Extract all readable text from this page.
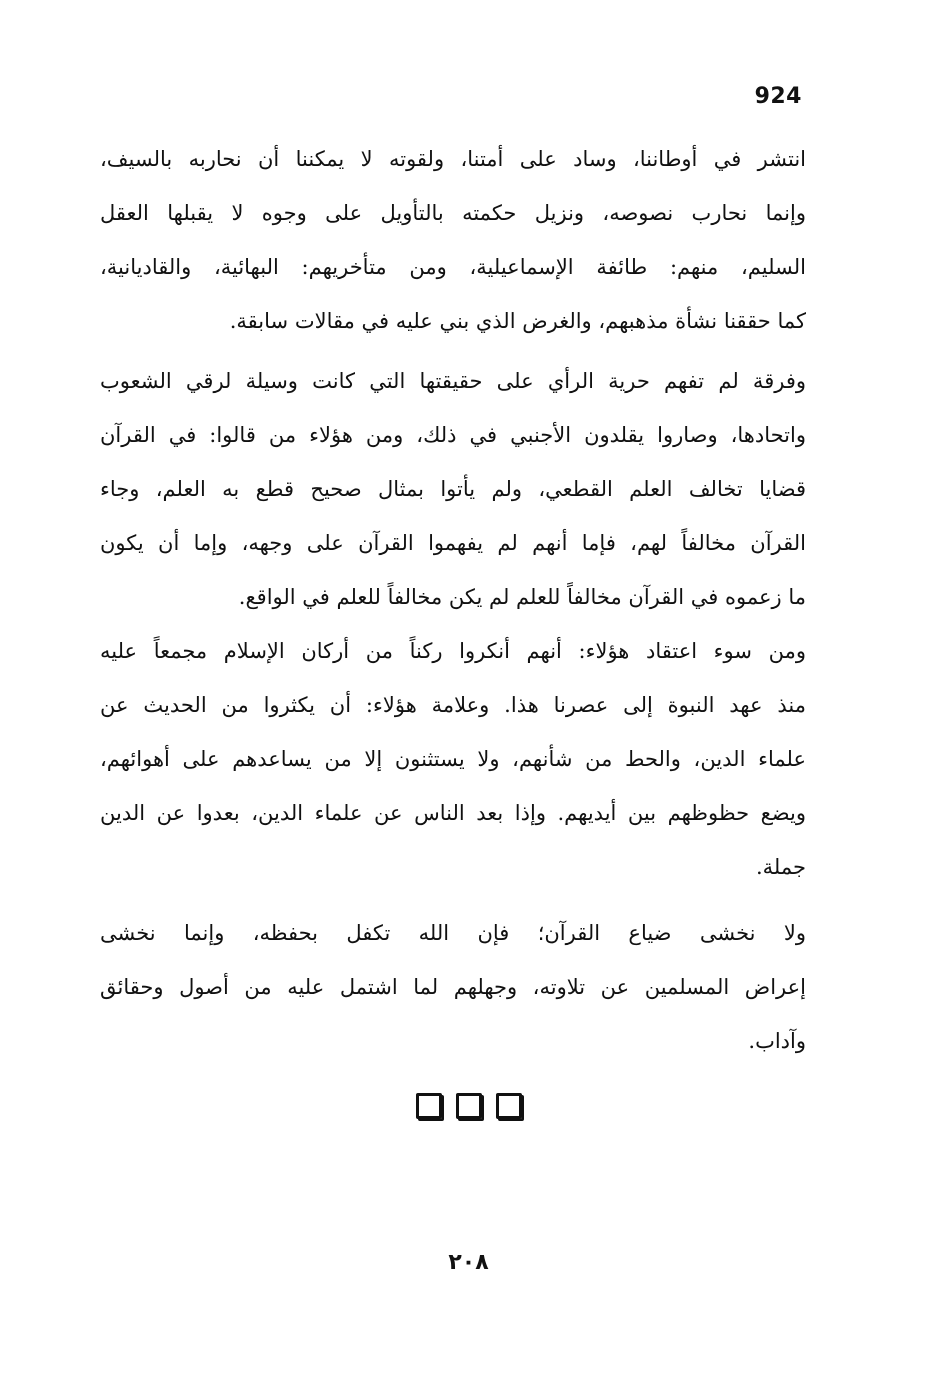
924
انتشر في أوطاننا، وساد على أمتنا، ولقوته لا يمكننا أن نحاربه بالسيف،
وإنما نحارب نصوصه، ونزيل حكمته بالتأويل على وجوه لا يقبلها العقل
السليم، منهم: طائفة الإسماعيلية، ومن متأخريهم: البهائية، والقاديانية،
كما حققنا نشأة مذهبهم، والغرض الذي بني عليه في مقالات سابقة.
وفرقة لم تفهم حرية الرأي على حقيقتها التي كانت وسيلة لرقي الشعوب
واتحادها، وصاروا يقلدون الأجنبي في ذلك، ومن هؤلاء من قالوا: في القرآن
قضايا تخالف العلم القطعي، ولم يأتوا بمثال صحيح قطع به العلم، وجاء
القرآن مخالفاً لهم، فإما أنهم لم يفهموا القرآن على وجهه، وإما أن يكون
ما زعموه في القرآن مخالفاً للعلم لم يكن مخالفاً للعلم في الواقع.
ومن سوء اعتقاد هؤلاء: أنهم أنكروا ركناً من أركان الإسلام مجمعاً عليه
منذ عهد النبوة إلى عصرنا هذا. وعلامة هؤلاء: أن يكثروا من الحديث عن
علماء الدين، والحط من شأنهم، ولا يستثنون إلا من يساعدهم على أهوائهم،
ويضع حظوظهم بين أيديهم. وإذا بعد الناس عن علماء الدين، بعدوا عن الدين
جملة.
ولا نخشى ضياع القرآن؛ فإن الله تكفل بحفظه، وإنما نخشى
إعراض المسلمين عن تلاوته، وجهلهم لما اشتمل عليه من أصول وحقائق
وآداب.
٢٠٨
